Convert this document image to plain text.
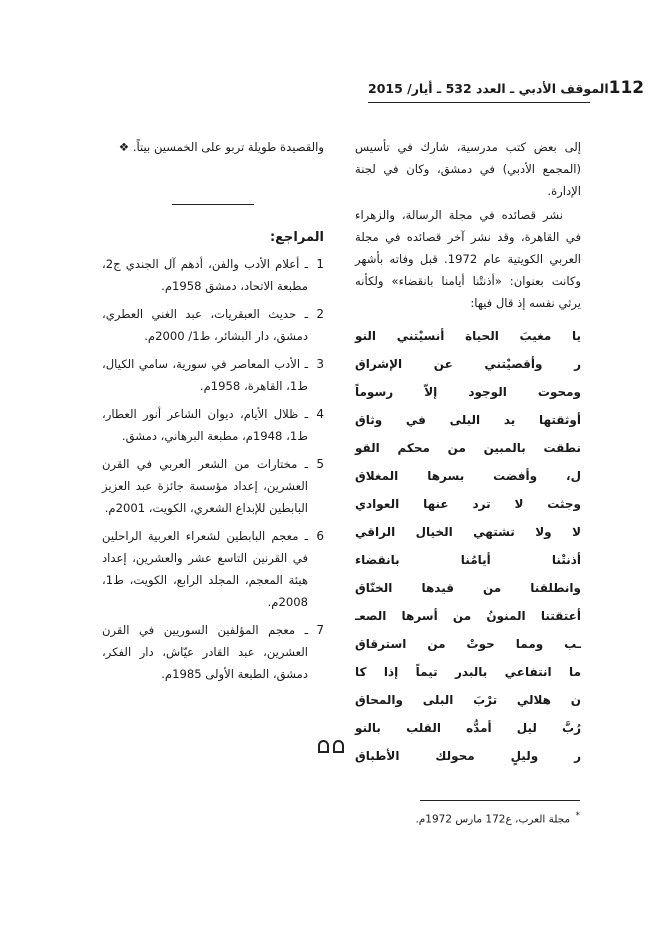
الموقف الأدبي ـ العدد 532 ـ أيار/ 2015 112

إلى بعض كتب مدرسية، شارك في تأسيس (المجمع الأدبي) في دمشق، وكان في لجنة الإدارة.

نشر قصائده في مجلة الرسالة، والزهراء في القاهرة، وقد نشر آخر قصائده في مجلة العربي الكويتية عام 1972. قبل وفاته بأشهر وكانت بعنوان: «أذنتْنا أيامنا بانقضاء» ولكأنه يرثي نفسه إذ قال فيها:

يا مغيبَ الحياة أنسيْتني النو
ر وأقصيْتني عن الإشراق
ومحوت الوجود إلاّ رسوماً
أوثقتها يد البلى في وثاق
نطقت بالمبين من محكم القو
ل، وأفضت بسرها المغلاق
وجثت لا ترد عنها العوادي
لا ولا تشتهي الخيال الراقي
أذنتْنا أيامُنا بانقضاء
وانطلقنا من قيدها الخنّاق
أعتقتنا المنونُ من أسرها الصعـ
ـب ومما حوتْ من استرقاق
ما انتفاعي بالبدر تيماً إذا كا
ن هلالي ترْبَ البلى والمحاق
رُبَّ ليل أمدُّه القلب بالنو
ر وليلٍ محولك الأطباق

والقصيدة طويلة تربو على الخمسين بيتاً. ❖

المراجع:
1
ـ أعلام الأدب والفن، أدهم آل الجندي ج2، مطبعة الاتحاد، دمشق 1958م.
2
ـ حديث العبقريات، عبد الغني العطري، دمشق، دار البشائر، ط1/ 2000م.
3
ـ الأدب المعاصر في سورية، سامي الكيال، ط1، القاهرة، 1958م.
4
ـ ظلال الأيام، ديوان الشاعر أنور العطار، ط1، 1948م، مطبعة البرهاني، دمشق.
5
ـ مختارات من الشعر العربي في القرن العشرين، إعداد مؤسسة جائزة عبد العزيز البابطين للإبداع الشعري، الكويت، 2001م.
6
ـ معجم البابطين لشعراء العربية الراحلين في القرنين التاسع عشر والعشرين، إعداد هيئة المعجم، المجلد الرابع، الكويت، ط1، 2008م.
7
ـ معجم المؤلفين السوريين في القرن العشرين، عبد القادر عيّاش، دار الفكر، دمشق، الطبعة الأولى 1985م.
* مجلة العرب، ع172 مارس 1972م.
